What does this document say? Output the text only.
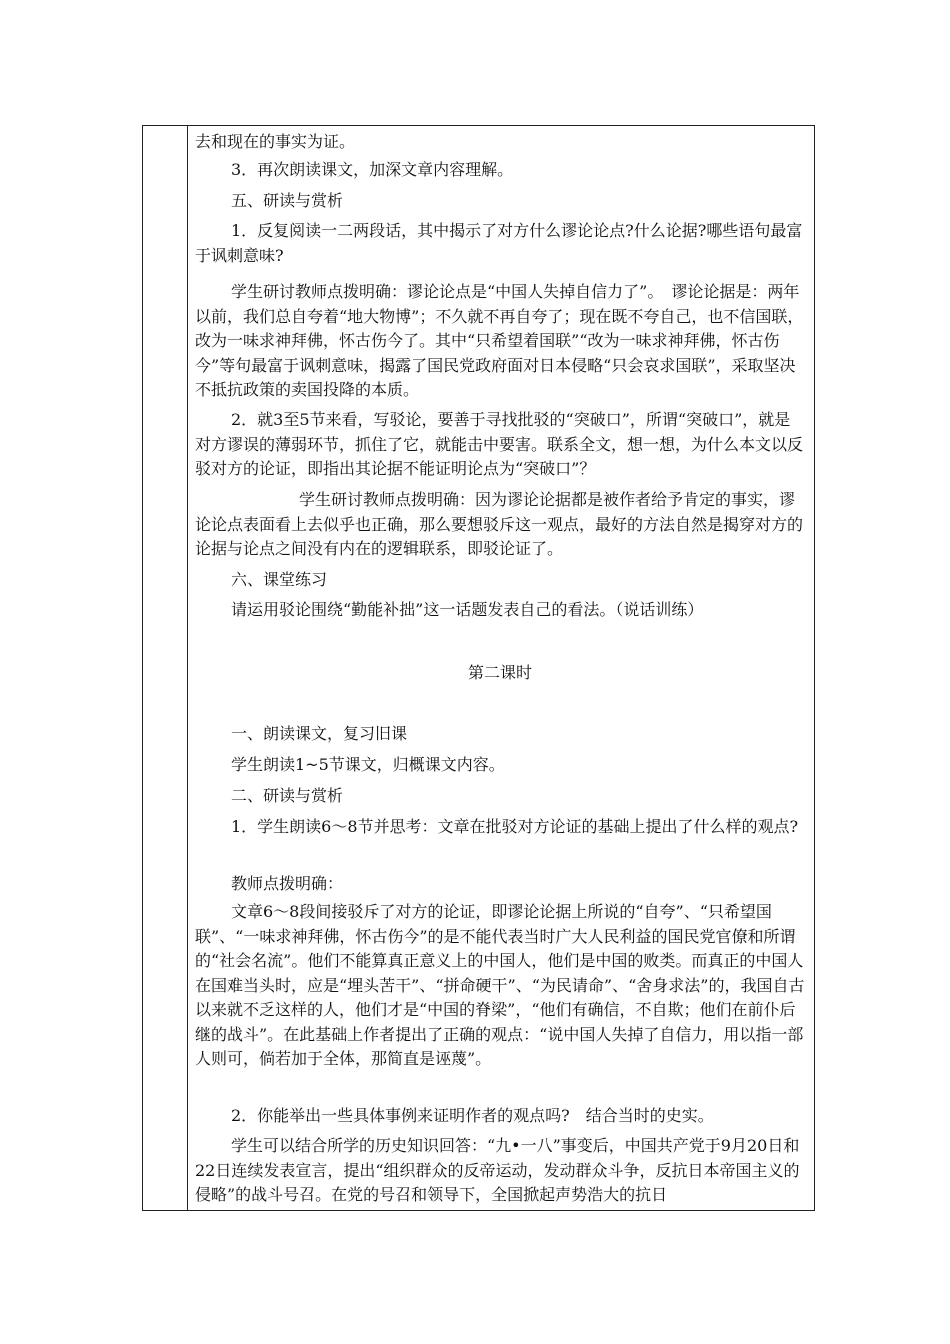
去和现在的事实为证。
3．再次朗读课文，加深文章内容理解。
五、研读与赏析
1．反复阅读一二两段话，其中揭示了对方什么谬论论点?什么论据?哪些语句最富于讽刺意味?
学生研讨教师点拨明确：谬论论点是“中国人失掉自信力了”。　谬论论据是：两年以前，我们总自夸着“地大物博”；不久就不再自夸了；现在既不夸自己，也不信国联，改为一味求神拜佛，怀古伤今了。其中“只希望着国联”“改为一味求神拜佛，怀古伤今”等句最富于讽刺意味，揭露了国民党政府面对日本侵略“只会哀求国联”，采取坚决不抵抗政策的卖国投降的本质。
2．就3至5节来看，写驳论，要善于寻找批驳的“突破口”，所谓“突破口”，就是对方谬误的薄弱环节，抓住了它，就能击中要害。联系全文，想一想，为什么本文以反驳对方的论证，即指出其论据不能证明论点为“突破口”？
学生研讨教师点拨明确：因为谬论论据都是被作者给予肯定的事实，谬论论点表面看上去似乎也正确，那么要想驳斥这一观点，最好的方法自然是揭穿对方的论据与论点之间没有内在的逻辑联系，即驳论证了。
六、课堂练习
请运用驳论围绕“勤能补拙”这一话题发表自己的看法。（说话训练）
第二课时
一、朗读课文，复习旧课
学生朗读1~5节课文，归概课文内容。
二、研读与赏析
1．学生朗读6～8节并思考：文章在批驳对方论证的基础上提出了什么样的观点?
教师点拨明确：
文章6～8段间接驳斥了对方的论证，即谬论论据上所说的“自夸”、“只希望国联”、“一味求神拜佛，怀古伤今”的是不能代表当时广大人民利益的国民党官僚和所谓的“社会名流”。他们不能算真正意义上的中国人，他们是中国的败类。而真正的中国人在国难当头时，应是“埋头苦干”、“拼命硬干”、“为民请命”、“舍身求法”的，我国自古以来就不乏这样的人，他们才是“中国的脊梁”，“他们有确信，不自欺；他们在前仆后继的战斗”。在此基础上作者提出了正确的观点：“说中国人失掉了自信力，用以指一部人则可，倘若加于全体，那简直是诬蔑”。
2．你能举出一些具体事例来证明作者的观点吗?　结合当时的史实。
学生可以结合所学的历史知识回答：“九•一八”事变后，中国共产党于9月20日和22日连续发表宣言，提出“组织群众的反帝运动，发动群众斗争，反抗日本帝国主义的侵略”的战斗号召。在党的号召和领导下，全国掀起声势浩大的抗日
